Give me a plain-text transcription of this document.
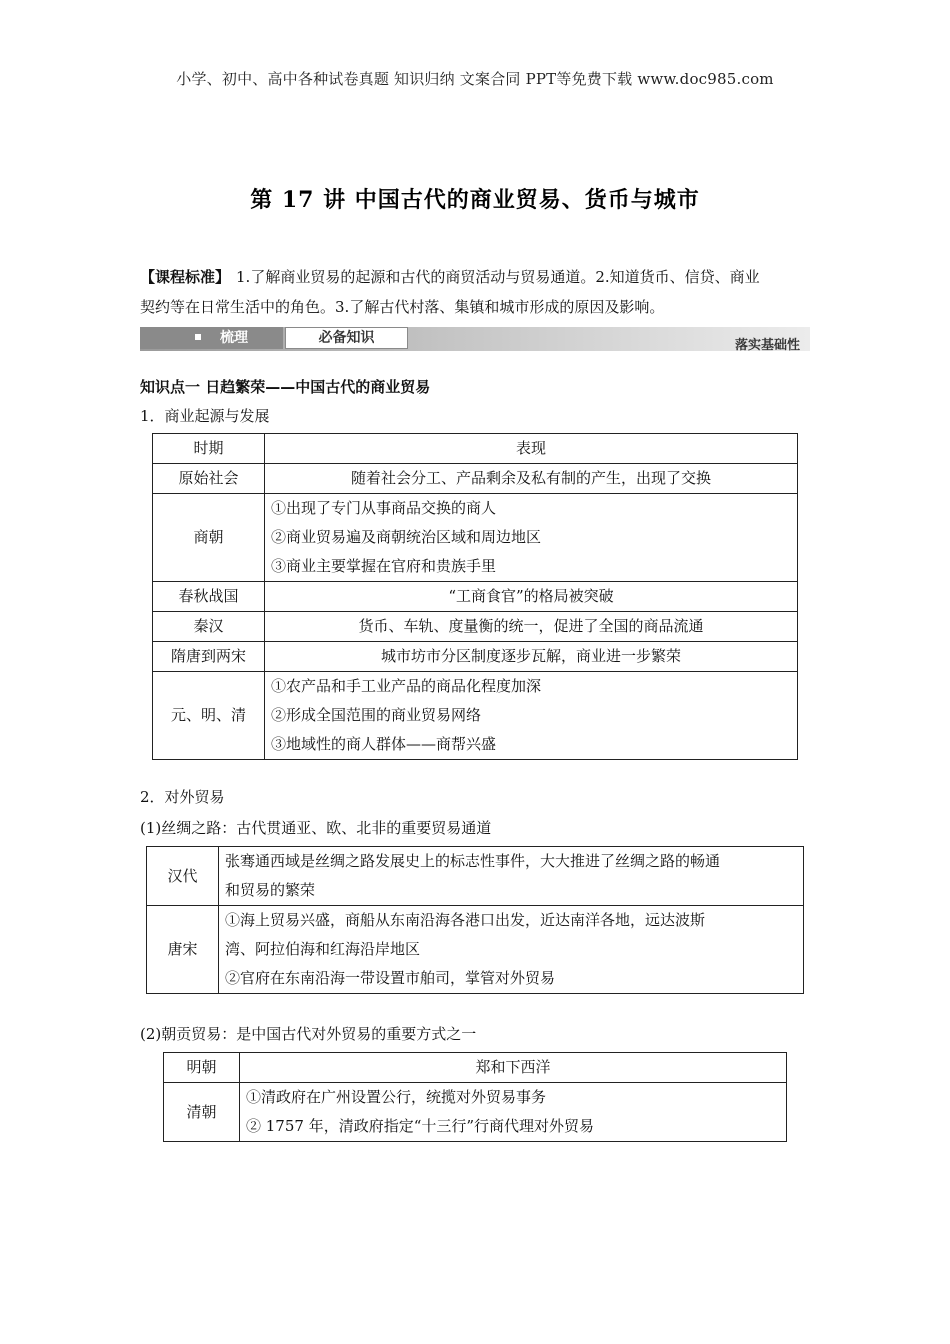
小学、初中、高中各种试卷真题 知识归纳 文案合同 PPT等免费下载 www.doc985.com
第 17 讲 中国古代的商业贸易、货币与城市
【课程标准】 1.了解商业贸易的起源和古代的商贸活动与贸易通道。2.知道货币、信贷、商业
契约等在日常生活中的角色。3.了解古代村落、集镇和城市形成的原因及影响。
梳理	必备知识	落实基础性
知识点一 日趋繁荣——中国古代的商业贸易
1．商业起源与发展
时期	表现
原始社会	随着社会分工、产品剩余及私有制的产生，出现了交换
商朝	①出现了专门从事商品交换的商人
②商业贸易遍及商朝统治区域和周边地区
③商业主要掌握在官府和贵族手里

春秋战国	“工商食官”的格局被突破
秦汉	货币、车轨、度量衡的统一，促进了全国的商品流通
隋唐到两宋	城市坊市分区制度逐步瓦解，商业进一步繁荣
元、明、清	①农产品和手工业产品的商品化程度加深
②形成全国范围的商业贸易网络
③地域性的商人群体——商帮兴盛
2．对外贸易
(1)丝绸之路：古代贯通亚、欧、北非的重要贸易通道
汉代	张骞通西域是丝绸之路发展史上的标志性事件，大大推进了丝绸之路的畅通
和贸易的繁荣

唐宋	①海上贸易兴盛，商船从东南沿海各港口出发，近达南洋各地，远达波斯
湾、阿拉伯海和红海沿岸地区
②官府在东南沿海一带设置市舶司，掌管对外贸易
(2)朝贡贸易：是中国古代对外贸易的重要方式之一
明朝	郑和下西洋
清朝	①清政府在广州设置公行，统揽对外贸易事务
② 1757 年，清政府指定“十三行”行商代理对外贸易
